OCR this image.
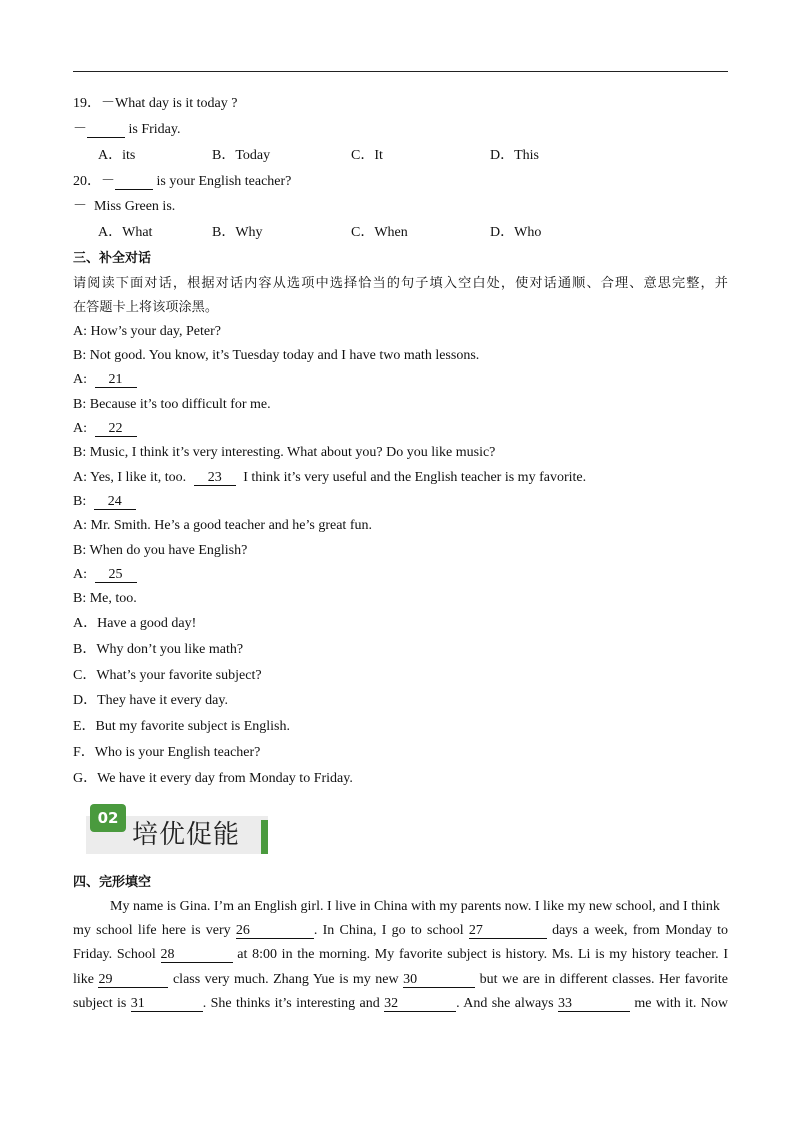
19．－What day is it today ?
－	is Friday.
A．its	B．Today	C．It	D．This
20．－	is your English teacher?
－  Miss Green is.
A．What	B．Why	C．When	D．Who
三、补全对话
请阅读下面对话，根据对话内容从选项中选择恰当的句子填入空白处，使对话通顺、合理、意思完整，并
在答题卡上将该项涂黑。
A: How’s your day, Peter?
B: Not good. You know, it’s Tuesday today and I have two math lessons.
A: 21
B: Because it’s too difficult for me.
A: 22
B: Music, I think it’s very interesting. What about you? Do you like music?
A: Yes, I like it, too. 23 I think it’s very useful and the English teacher is my favorite.
B: 24
A: Mr. Smith. He’s a good teacher and he’s great fun.
B: When do you have English?
A: 25
B: Me, too.
A．Have a good day!
B．Why don’t you like math?
C．What’s your favorite subject?
D．They have it every day.
E．But my favorite subject is English.
F．Who is your English teacher?
G．We have it every day from Monday to Friday.
02
培优促能
四、完形填空
My name is Gina. I’m an English girl. I live in China with my parents now. I like my new school, and I think
my school life here is very 26	. In China, I go to school 27	days a week, from Monday to
Friday. School 28	at 8:00 in the morning. My favorite subject is history. Ms. Li is my history teacher. I
like 29	class very much. Zhang Yue is my new 30	but we are in different classes. Her favorite
subject is 31	. She thinks it’s interesting and 32	. And she always 33	me with it. Now
